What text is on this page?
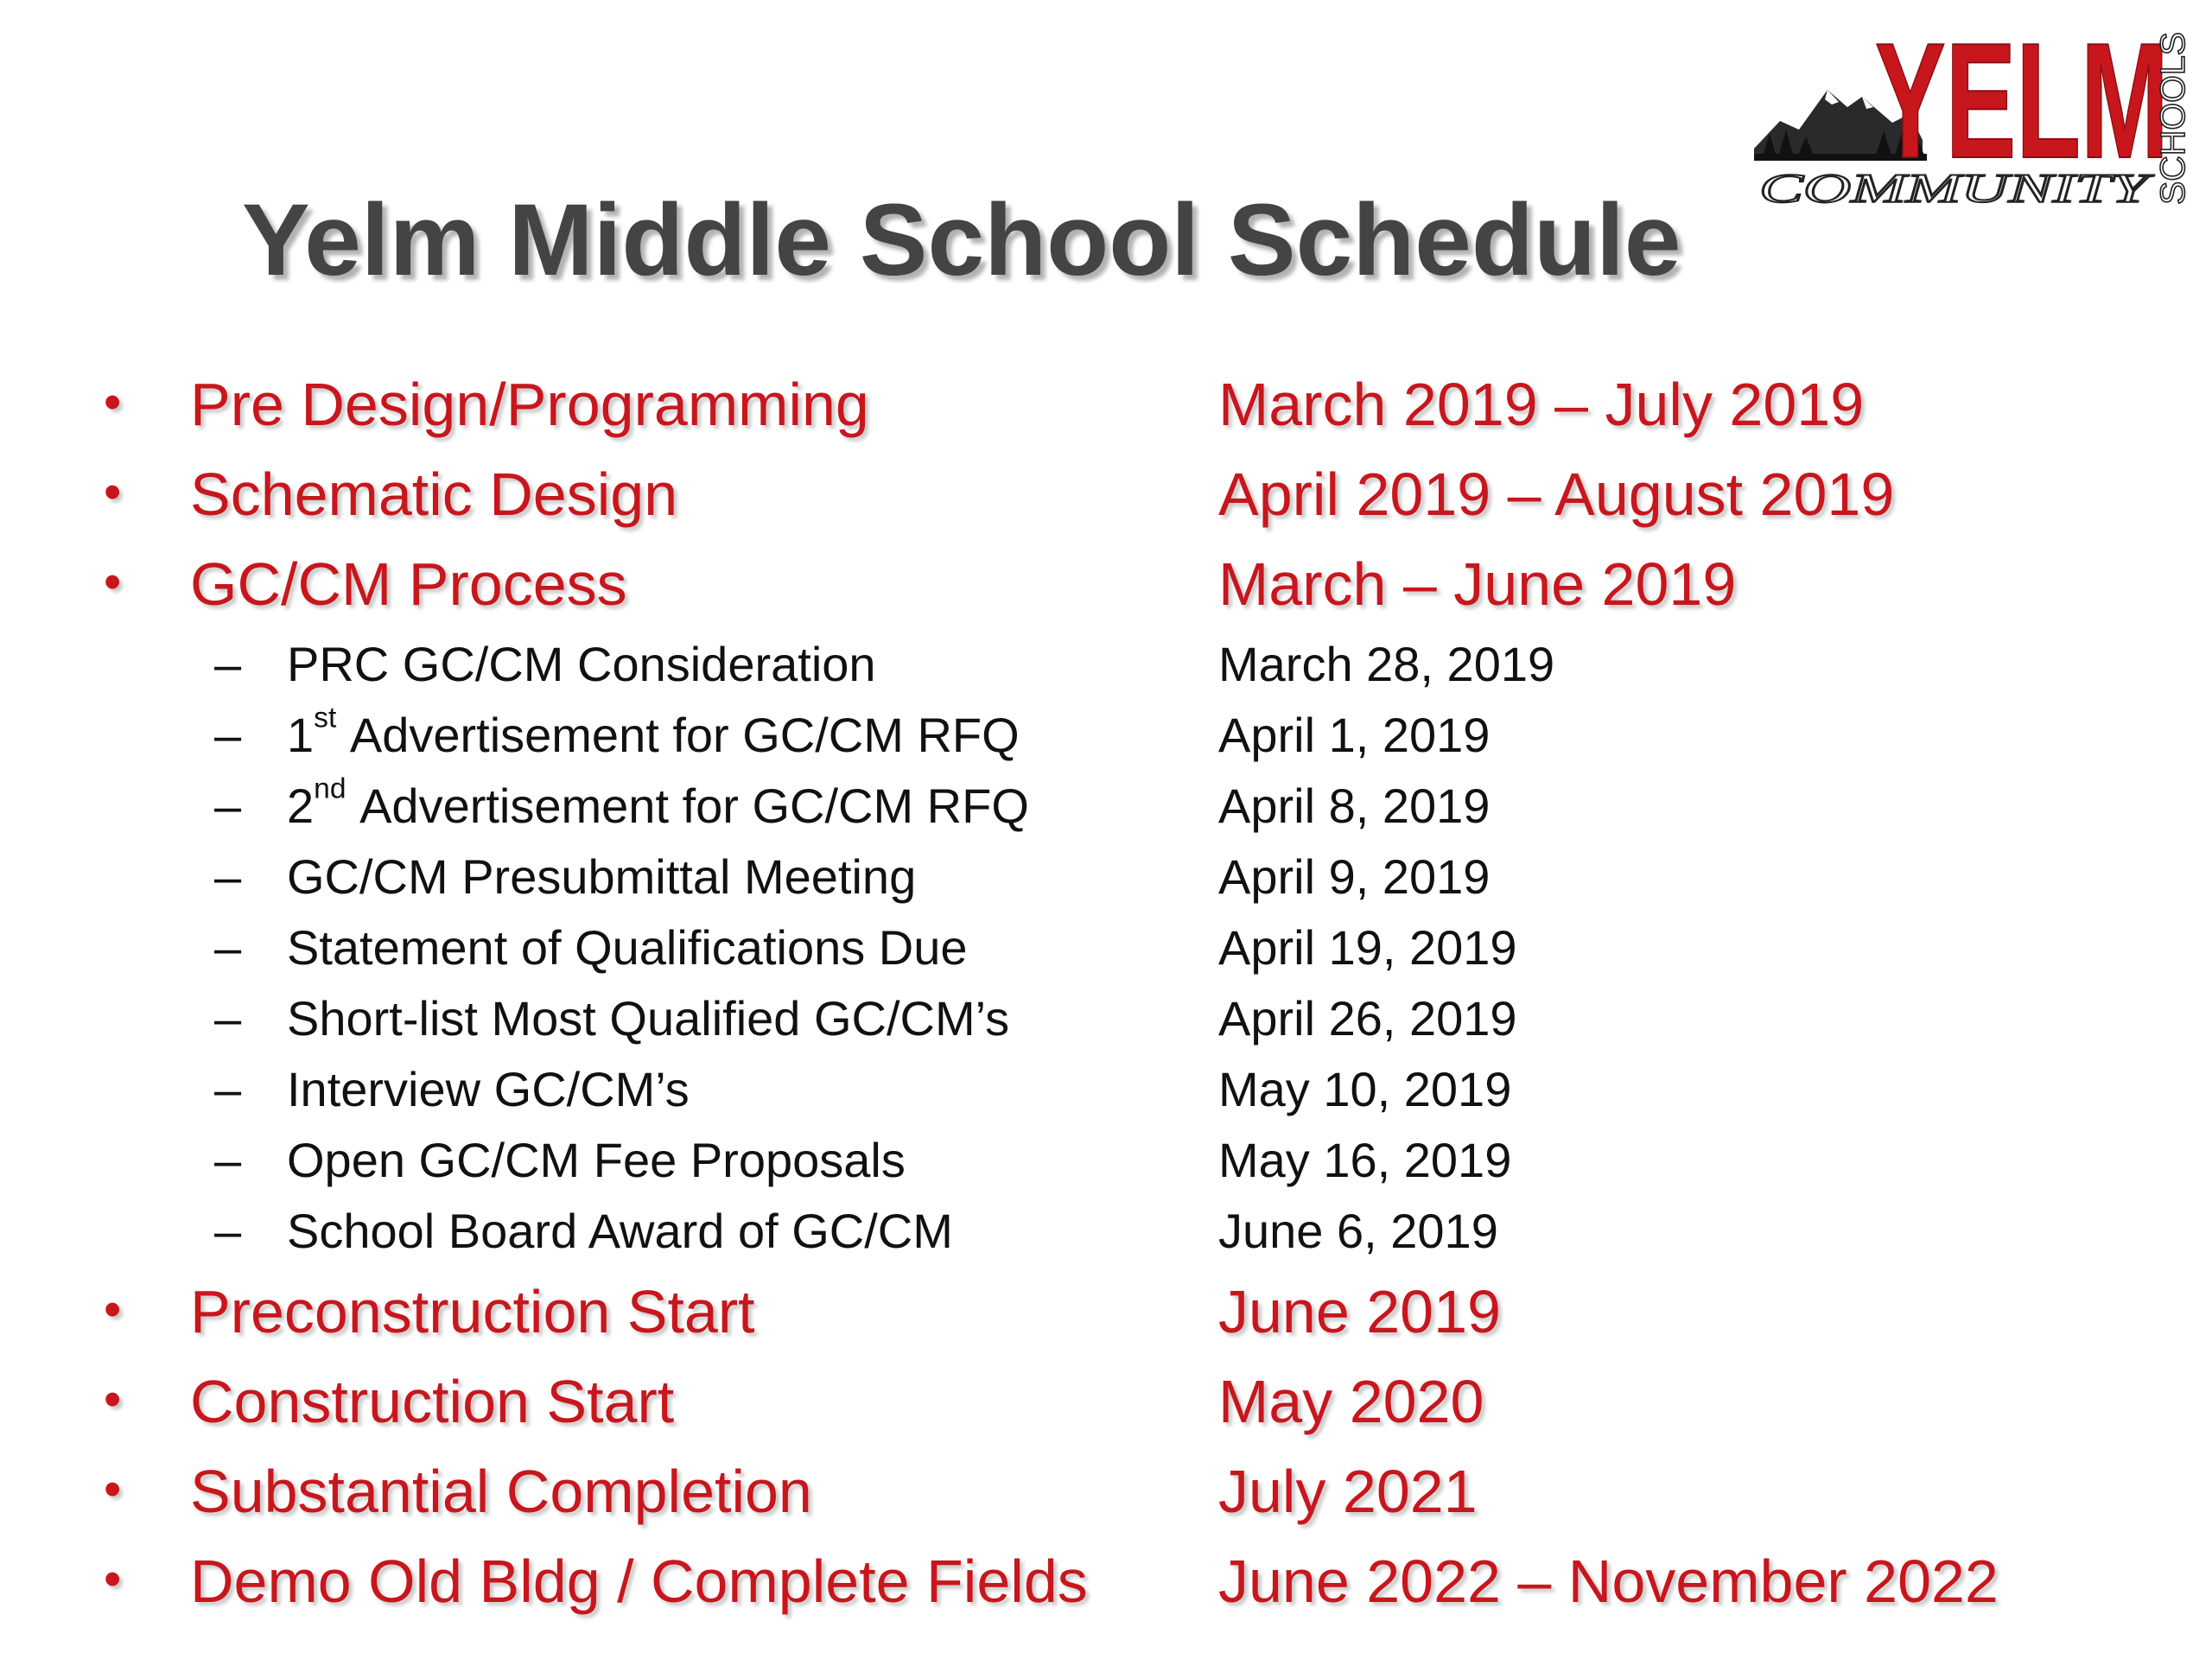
YELM
COMMUNITY SCHOOLS
Yelm Middle School Schedule
• Pre Design/Programming	March 2019 – July 2019
• Schematic Design	April 2019 – August 2019
• GC/CM Process	March – June 2019
– PRC GC/CM Consideration	March 28, 2019
– 1st Advertisement for GC/CM RFQ	April 1, 2019
– 2nd Advertisement for GC/CM RFQ	April 8, 2019
– GC/CM Presubmittal Meeting	April 9, 2019
– Statement of Qualifications Due	April 19, 2019
– Short-list Most Qualified GC/CM’s	April 26, 2019
– Interview GC/CM’s	May 10, 2019
– Open GC/CM Fee Proposals	May 16, 2019
– School Board Award of GC/CM	June 6, 2019
• Preconstruction Start	June 2019
• Construction Start	May 2020
• Substantial Completion	July 2021
• Demo Old Bldg / Complete Fields June 2022 – November 2022
